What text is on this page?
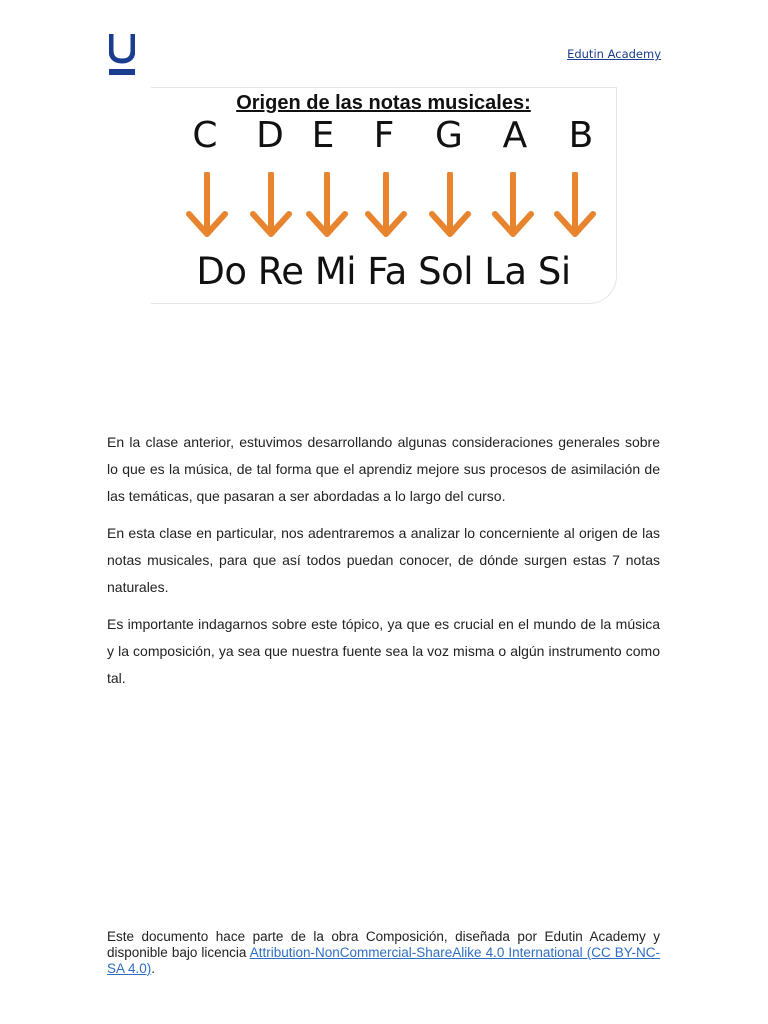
Edutin Academy
Origen de las notas musicales:
C D E F G A B
Do Re Mi Fa Sol La Si

En la clase anterior, estuvimos desarrollando algunas consideraciones generales sobre lo que es la música, de tal forma que el aprendiz mejore sus procesos de asimilación de las temáticas, que pasaran a ser abordadas a lo largo del curso.

En esta clase en particular, nos adentraremos a analizar lo concerniente al origen de las notas musicales, para que así todos puedan conocer, de dónde surgen estas 7 notas naturales.

Es importante indagarnos sobre este tópico, ya que es crucial en el mundo de la música y la composición, ya sea que nuestra fuente sea la voz misma o algún instrumento como tal.

Este documento hace parte de la obra Composición, diseñada por Edutin Academy y disponible bajo licencia Attribution-NonCommercial-ShareAlike 4.0 International (CC BY-NC-SA 4.0).
